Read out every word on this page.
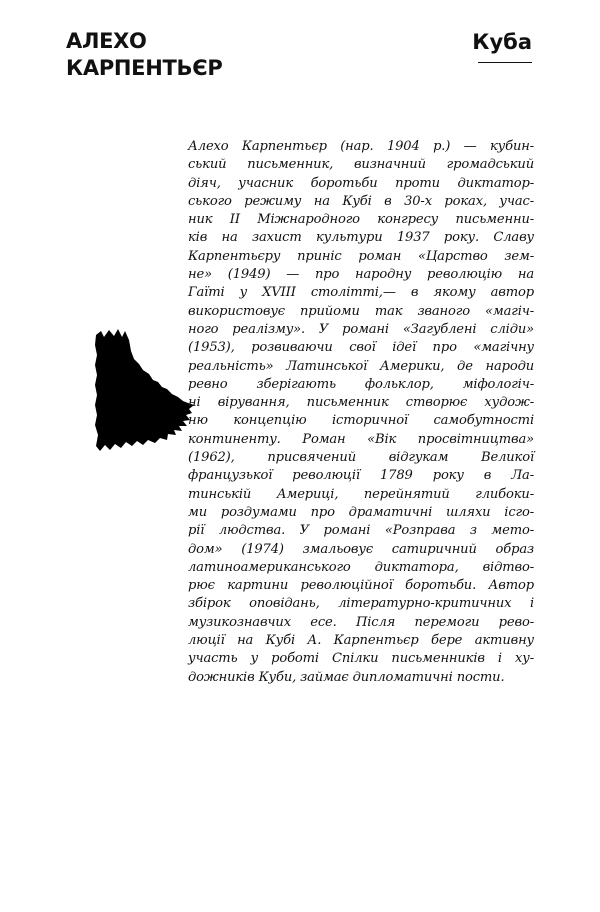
АЛЕХО
КАРПЕНТЬЄР
Куба

Алехо Карпентьєр (нар. 1904 р.) — кубин-
ський письменник, визначний громадський
діяч, учасник боротьби проти диктатор-
ського режиму на Кубі в 30-х роках, учас-
ник II Міжнародного конгресу письменни-
ків на захист культури 1937 року. Славу
Карпентьєру приніс роман «Царство зем-
не» (1949) — про народну революцію на
Гаїті у XVIII столітті,— в якому автор
використовує прийоми так званого «магіч-
ного реалізму». У романі «Загублені сліди»
(1953), розвиваючи свої ідеї про «магічну
реальність» Латинської Америки, де народи
ревно зберігають фольклор, міфологіч-
ні вірування, письменник створює худож-
ню концепцію історичної самобутності
континенту. Роман «Вік просвітництва»
(1962), присвячений відгукам Великої
французької революції 1789 року в Ла-
тинській Америці, перейнятий глибоки-
ми роздумами про драматичні шляхи ісго-
рії людства. У романі «Розправа з мето-
дом» (1974) змальовує сатиричний образ
латиноамериканського диктатора, відтво-
рює картини революційної боротьби. Автор
збірок оповідань, літературно-критичних і
музикознавчих есе. Після перемоги рево-
люції на Кубі А. Карпентьєр бере активну
участь у роботі Спілки письменників і ху-
дожників Куби, займає дипломатичні пости.
